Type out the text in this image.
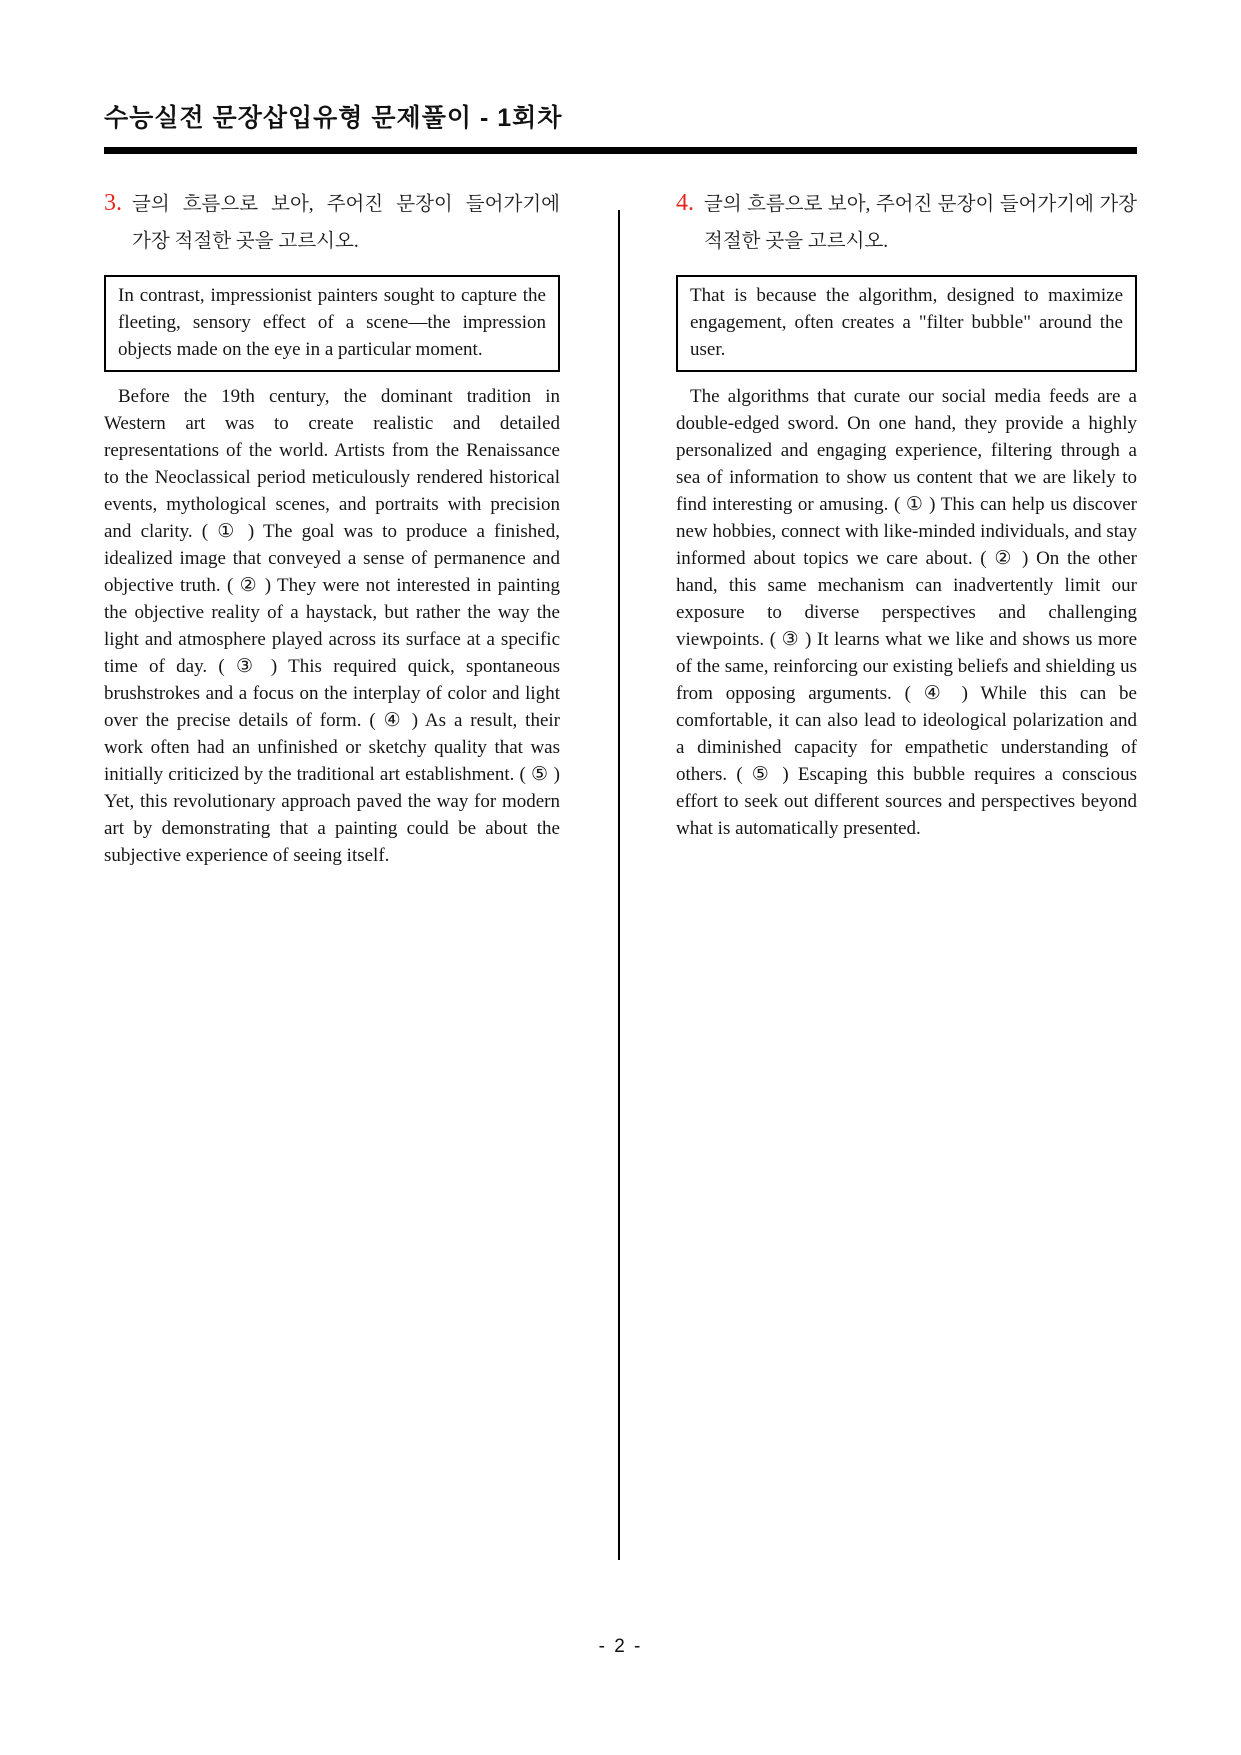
수능실전 문장삽입유형 문제풀이 - 1회차
3. 글의 흐름으로 보아, 주어진 문장이 들어가기에 가장 적절한 곳을 고르시오.

In contrast, impressionist painters sought to capture the fleeting, sensory effect of a scene—the impression objects made on the eye in a particular moment.

Before the 19th century, the dominant tradition in Western art was to create realistic and detailed representations of the world. Artists from the Renaissance to the Neoclassical period meticulously rendered historical events, mythological scenes, and portraits with precision and clarity. ( ① ) The goal was to produce a finished, idealized image that conveyed a sense of permanence and objective truth. ( ② ) They were not interested in painting the objective reality of a haystack, but rather the way the light and atmosphere played across its surface at a specific time of day. ( ③ ) This required quick, spontaneous brushstrokes and a focus on the interplay of color and light over the precise details of form. ( ④ ) As a result, their work often had an unfinished or sketchy quality that was initially criticized by the traditional art establishment. ( ⑤ ) Yet, this revolutionary approach paved the way for modern art by demonstrating that a painting could be about the subjective experience of seeing itself.

4. 글의 흐름으로 보아, 주어진 문장이 들어가기에 가장 적절한 곳을 고르시오.

That is because the algorithm, designed to maximize engagement, often creates a "filter bubble" around the user.

The algorithms that curate our social media feeds are a double-edged sword. On one hand, they provide a highly personalized and engaging experience, filtering through a sea of information to show us content that we are likely to find interesting or amusing. ( ① ) This can help us discover new hobbies, connect with like-minded individuals, and stay informed about topics we care about. ( ② ) On the other hand, this same mechanism can inadvertently limit our exposure to diverse perspectives and challenging viewpoints. ( ③ ) It learns what we like and shows us more of the same, reinforcing our existing beliefs and shielding us from opposing arguments. ( ④ ) While this can be comfortable, it can also lead to ideological polarization and a diminished capacity for empathetic understanding of others. ( ⑤ ) Escaping this bubble requires a conscious effort to seek out different sources and perspectives beyond what is automatically presented.

- 2 -
